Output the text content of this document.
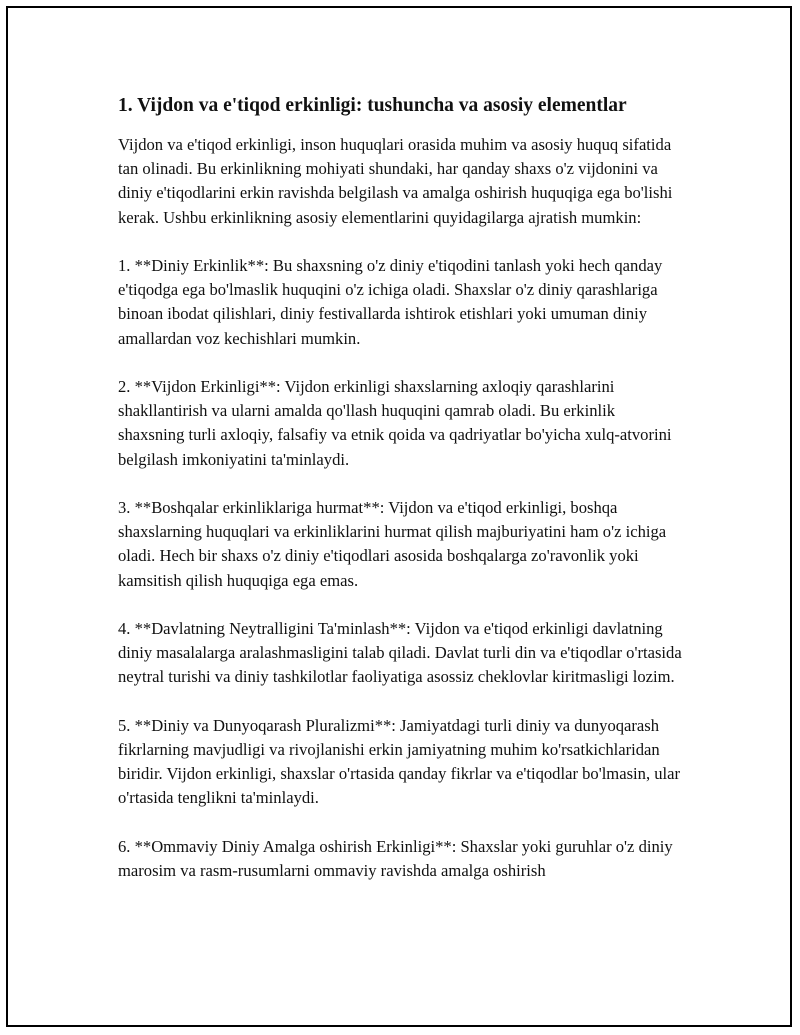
1. Vijdon va e'tiqod erkinligi: tushuncha va asosiy elementlar

Vijdon va e'tiqod erkinligi, inson huquqlari orasida muhim va asosiy huquq sifatida tan olinadi. Bu erkinlikning mohiyati shundaki, har qanday shaxs o'z vijdonini va diniy e'tiqodlarini erkin ravishda belgilash va amalga oshirish huquqiga ega bo'lishi kerak. Ushbu erkinlikning asosiy elementlarini quyidagilarga ajratish mumkin:

1. **Diniy Erkinlik**: Bu shaxsning o'z diniy e'tiqodini tanlash yoki hech qanday e'tiqodga ega bo'lmaslik huquqini o'z ichiga oladi. Shaxslar o'z diniy qarashlariga binoan ibodat qilishlari, diniy festivallarda ishtirok etishlari yoki umuman diniy amallardan voz kechishlari mumkin.

2. **Vijdon Erkinligi**: Vijdon erkinligi shaxslarning axloqiy qarashlarini shakllantirish va ularni amalda qo'llash huquqini qamrab oladi. Bu erkinlik shaxsning turli axloqiy, falsafiy va etnik qoida va qadriyatlar bo'yicha xulq-atvorini belgilash imkoniyatini ta'minlaydi.

3. **Boshqalar erkinliklariga hurmat**: Vijdon va e'tiqod erkinligi, boshqa shaxslarning huquqlari va erkinliklarini hurmat qilish majburiyatini ham o'z ichiga oladi. Hech bir shaxs o'z diniy e'tiqodlari asosida boshqalarga zo'ravonlik yoki kamsitish qilish huquqiga ega emas.

4. **Davlatning Neytralligini Ta'minlash**: Vijdon va e'tiqod erkinligi davlatning diniy masalalarga aralashmasligini talab qiladi. Davlat turli din va e'tiqodlar o'rtasida neytral turishi va diniy tashkilotlar faoliyatiga asossiz cheklovlar kiritmasligi lozim.

5. **Diniy va Dunyoqarash Pluralizmi**: Jamiyatdagi turli diniy va dunyoqarash fikrlarning mavjudligi va rivojlanishi erkin jamiyatning muhim ko'rsatkichlaridan biridir. Vijdon erkinligi, shaxslar o'rtasida qanday fikrlar va e'tiqodlar bo'lmasin, ular o'rtasida tenglikni ta'minlaydi.

6. **Ommaviy Diniy Amalga oshirish Erkinligi**: Shaxslar yoki guruhlar o'z diniy marosim va rasm-rusumlarni ommaviy ravishda amalga oshirish
